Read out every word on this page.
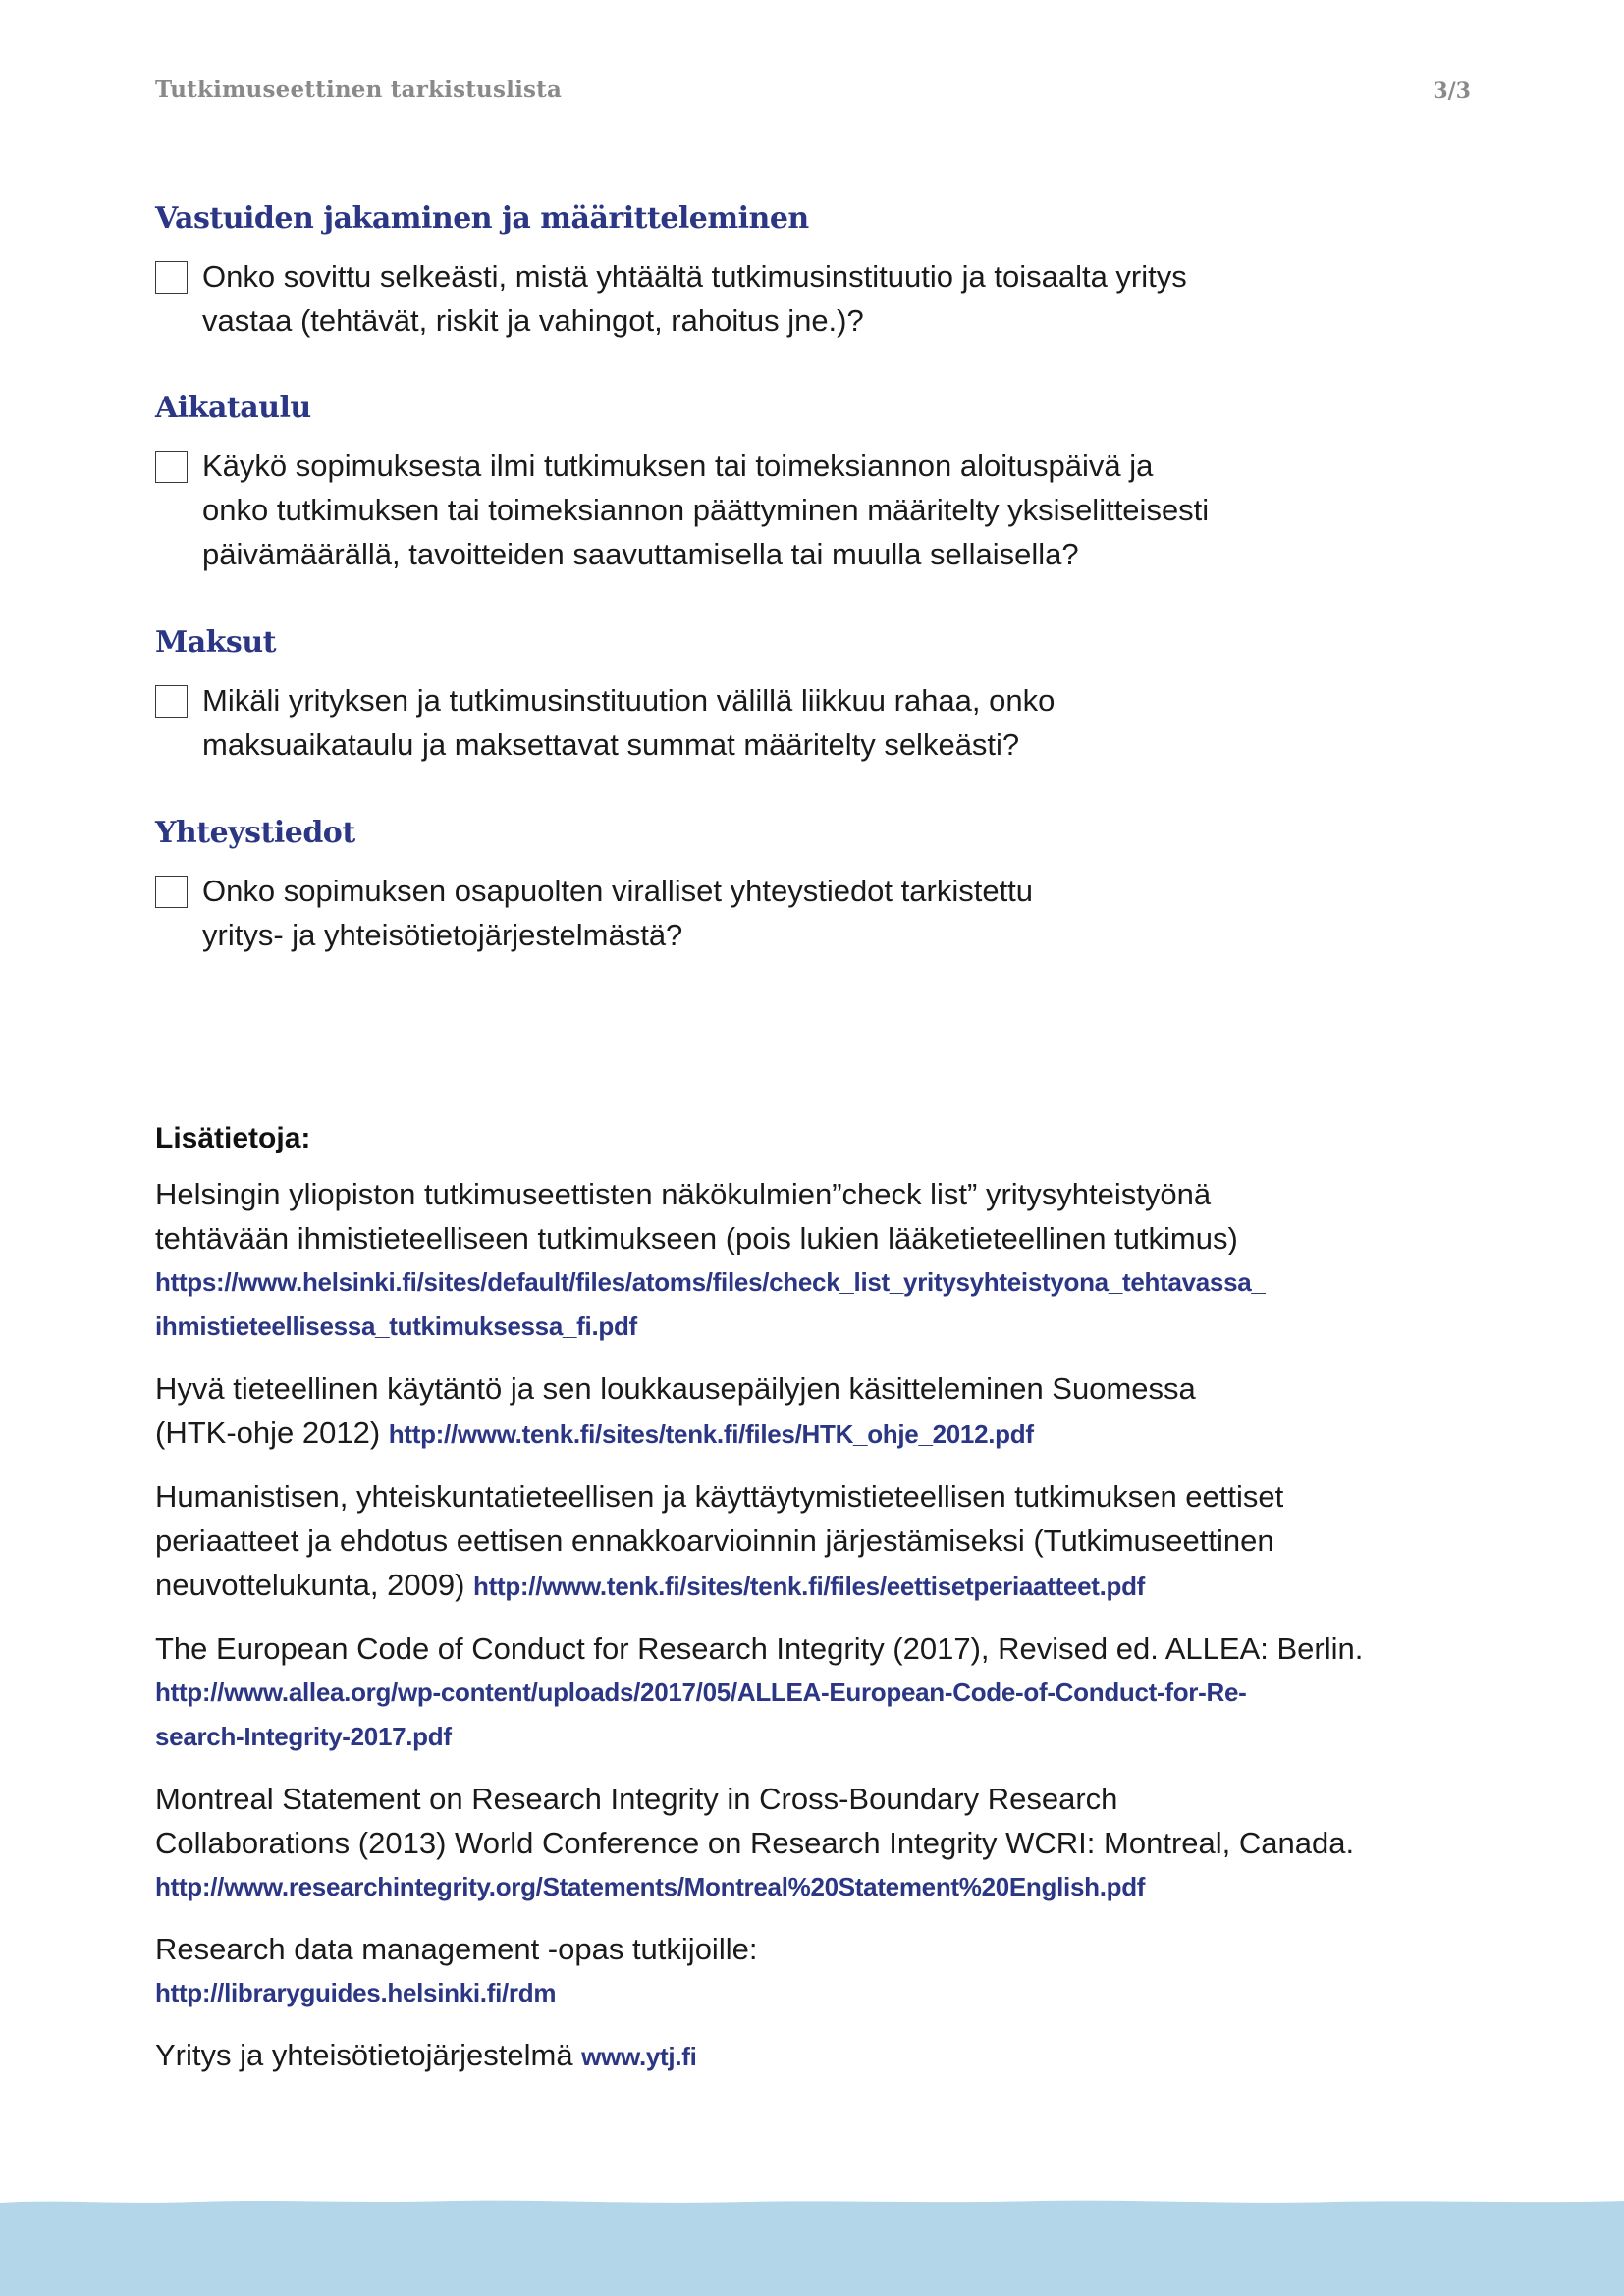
Tutkimuseettinen tarkistuslista	3/3
Vastuiden jakaminen ja määritteleminen
Onko sovittu selkeästi, mistä yhtäältä tutkimusinstituutio ja toisaalta yritys
vastaa (tehtävät, riskit ja vahingot, rahoitus jne.)?
Aikataulu
Käykö sopimuksesta ilmi tutkimuksen tai toimeksiannon aloituspäivä ja
onko tutkimuksen tai toimeksiannon päättyminen määritelty yksiselitteisesti
päivämäärällä, tavoitteiden saavuttamisella tai muulla sellaisella?
Maksut
Mikäli yrityksen ja tutkimusinstituution välillä liikkuu rahaa, onko
maksuaikataulu ja maksettavat summat määritelty selkeästi?
Yhteystiedot
Onko sopimuksen osapuolten viralliset yhteystiedot tarkistettu
yritys- ja yhteisötietojärjestelmästä?
Lisätietoja:
Helsingin yliopiston tutkimuseettisten näkökulmien”check list” yritysyhteistyönä
tehtävään ihmistieteelliseen tutkimukseen (pois lukien lääketieteellinen tutkimus)
https://www.helsinki.fi/sites/default/files/atoms/files/check_list_yritysyhteistyona_tehtavassa_
ihmistieteellisessa_tutkimuksessa_fi.pdf
Hyvä tieteellinen käytäntö ja sen loukkausepäilyjen käsitteleminen Suomessa
(HTK-ohje 2012) http://www.tenk.fi/sites/tenk.fi/files/HTK_ohje_2012.pdf
Humanistisen, yhteiskuntatieteellisen ja käyttäytymistieteellisen tutkimuksen eettiset
periaatteet ja ehdotus eettisen ennakkoarvioinnin järjestämiseksi (Tutkimuseettinen
neuvottelukunta, 2009) http://www.tenk.fi/sites/tenk.fi/files/eettisetperiaatteet.pdf
The European Code of Conduct for Research Integrity (2017), Revised ed. ALLEA: Berlin.
http://www.allea.org/wp-content/uploads/2017/05/ALLEA-European-Code-of-Conduct-for-Re-
search-Integrity-2017.pdf
Montreal Statement on Research Integrity in Cross-Boundary Research
Collaborations (2013) World Conference on Research Integrity WCRI: Montreal, Canada.
http://www.researchintegrity.org/Statements/Montreal%20Statement%20English.pdf
Research data management -opas tutkijoille:
http://libraryguides.helsinki.fi/rdm
Yritys ja yhteisötietojärjestelmä www.ytj.fi
